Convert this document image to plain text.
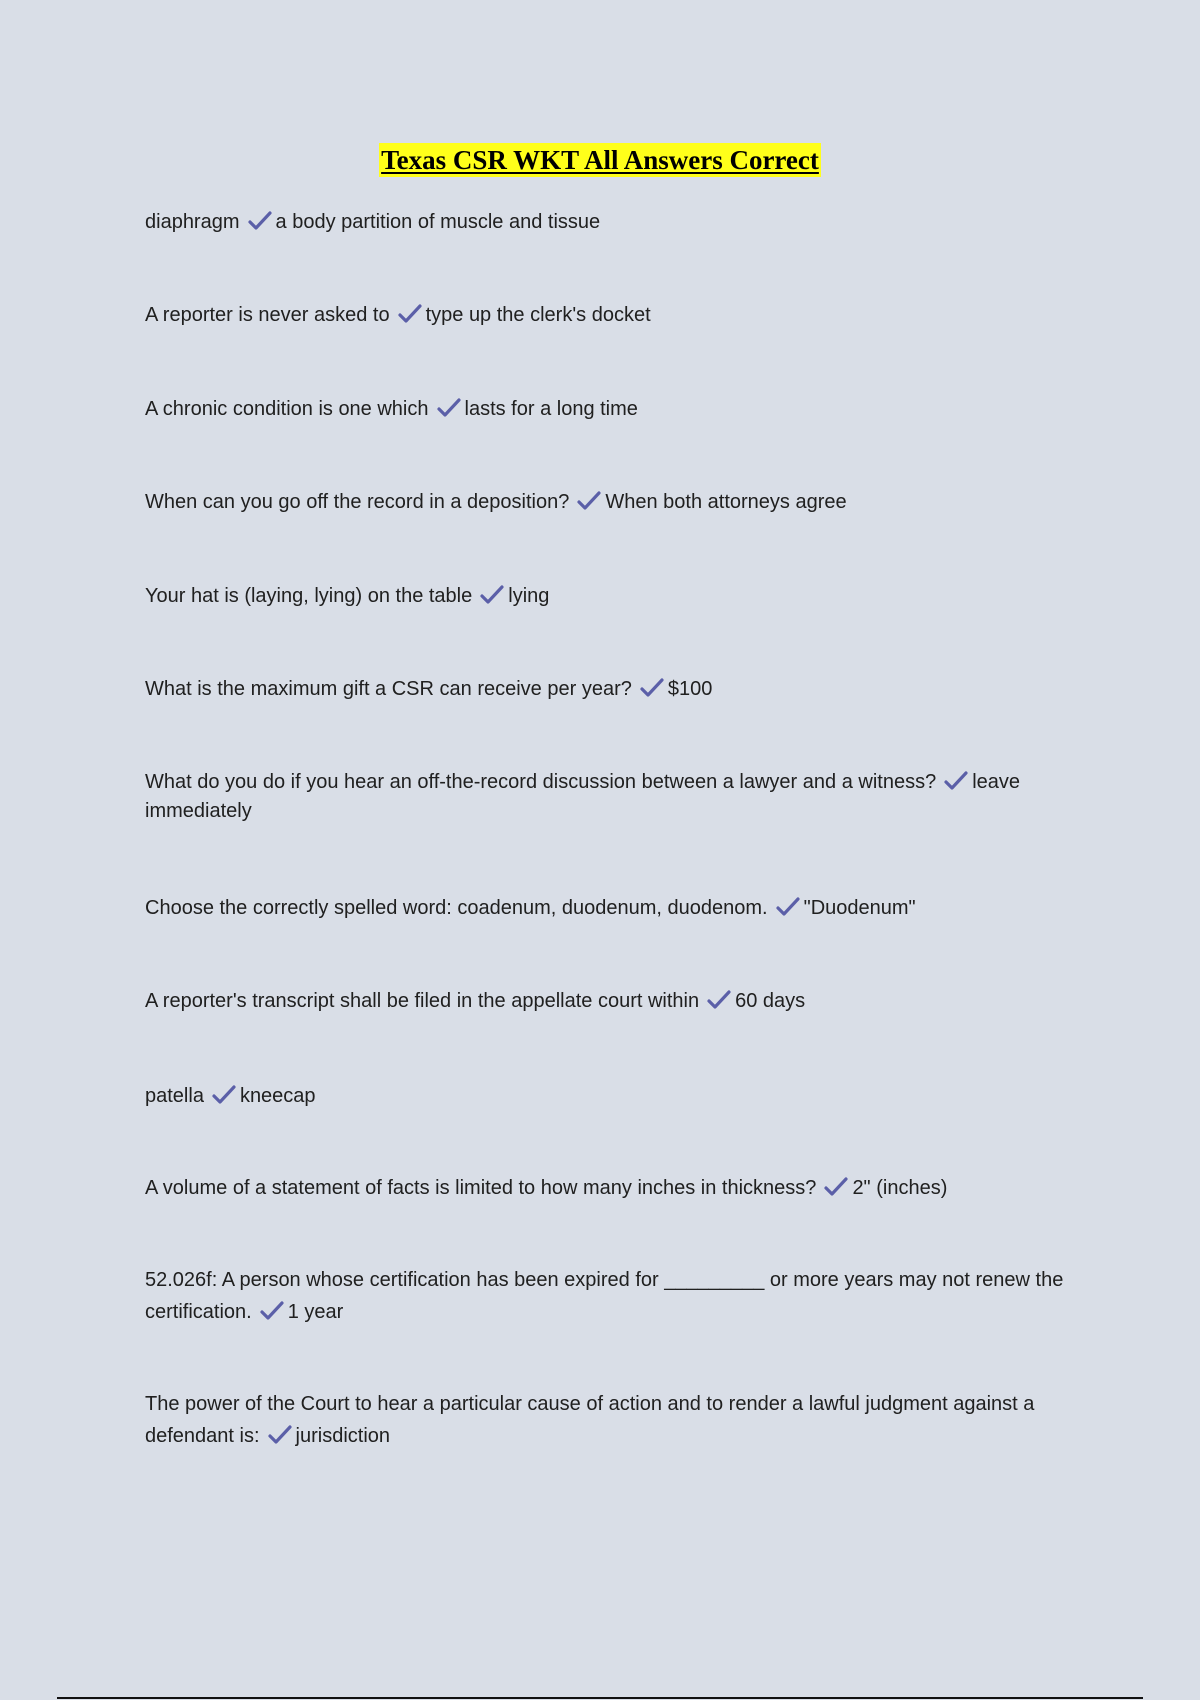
Texas CSR WKT All Answers Correct
diaphragm a body partition of muscle and tissue
A reporter is never asked to type up the clerk's docket
A chronic condition is one which lasts for a long time
When can you go off the record in a deposition? When both attorneys agree
Your hat is (laying, lying) on the table lying
What is the maximum gift a CSR can receive per year? $100
What do you do if you hear an off-the-record discussion between a lawyer and a witness? leave immediately
Choose the correctly spelled word: coadenum, duodenum, duodenom. "Duodenum"
A reporter's transcript shall be filed in the appellate court within 60 days
patella kneecap
A volume of a statement of facts is limited to how many inches in thickness? 2" (inches)
52.026f: A person whose certification has been expired for _________ or more years may not renew the certification. 1 year
The power of the Court to hear a particular cause of action and to render a lawful judgment against a defendant is: jurisdiction
